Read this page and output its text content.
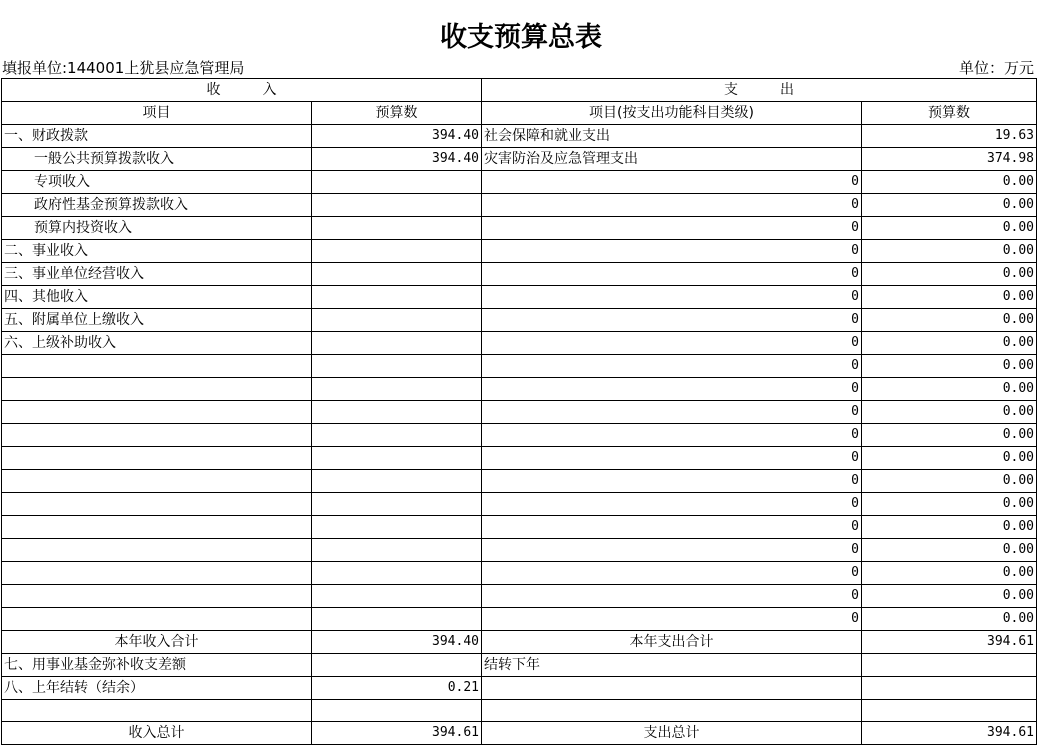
收支预算总表
填报单位:144001上犹县应急管理局	单位：万元
收　　　入		支　　　出		
项目	预算数	项目(按支出功能科目类级)		预算数
一、财政拨款	394.40	社会保障和就业支出		19.63
一般公共预算拨款收入	394.40	灾害防治及应急管理支出		374.98
专项收入			0	0.00
政府性基金预算拨款收入			0	0.00
预算内投资收入			0	0.00
二、事业收入			0	0.00
三、事业单位经营收入			0	0.00
四、其他收入			0	0.00
五、附属单位上缴收入			0	0.00
六、上级补助收入			0	0.00
			0	0.00
			0	0.00
			0	0.00
			0	0.00
			0	0.00
			0	0.00
			0	0.00
			0	0.00
			0	0.00
			0	0.00
			0	0.00
			0	0.00
本年收入合计	394.40	本年支出合计		394.61
七、用事业基金弥补收支差额		结转下年		
八、上年结转（结余）	0.21			

收入总计	394.61	支出总计		394.61
